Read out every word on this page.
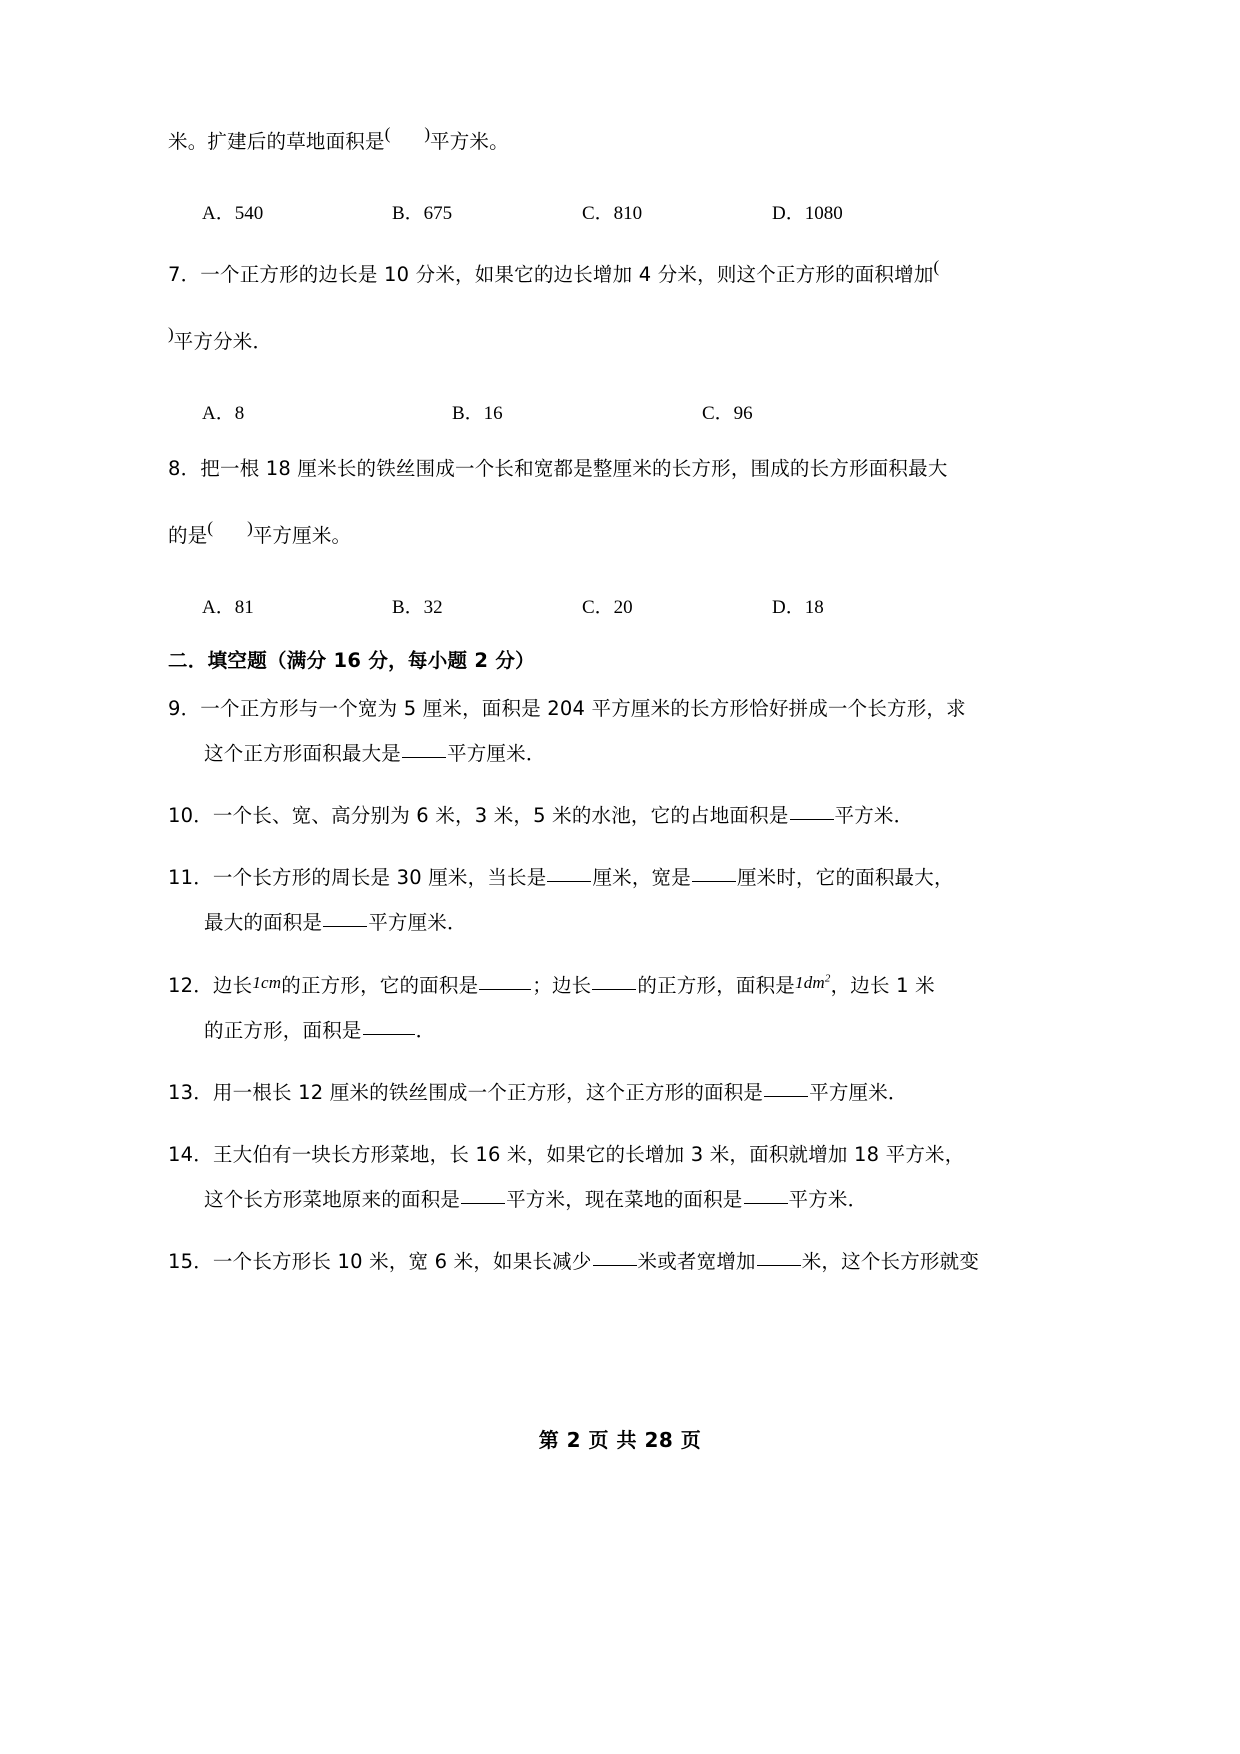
米。扩建后的草地面积是(        )平方米。
A．540	B．675	C．810	D．1080
7．一个正方形的边长是 10 分米，如果它的边长增加 4 分米，则这个正方形的面积增加(
)平方分米．
A．8	B．16	C．96
8．把一根 18 厘米长的铁丝围成一个长和宽都是整厘米的长方形，围成的长方形面积最大
的是(        )平方厘米。
A．81	B．32	C．20	D．18
二．填空题（满分 16 分，每小题 2 分）
9．一个正方形与一个宽为 5 厘米，面积是 204 平方厘米的长方形恰好拼成一个长方形，求
这个正方形面积最大是 平方厘米．
10．一个长、宽、高分别为 6 米，3 米，5 米的水池，它的占地面积是 平方米．
11．一个长方形的周长是 30 厘米，当长是 厘米，宽是 厘米时，它的面积最大，
最大的面积是 平方厘米．
12．边长1cm的正方形，它的面积是	；边长 的正方形，面积是$1dm^2$，边长 1 米
的正方形，面积是	．
13．用一根长 12 厘米的铁丝围成一个正方形，这个正方形的面积是 平方厘米．
14．王大伯有一块长方形菜地，长 16 米，如果它的长增加 3 米，面积就增加 18 平方米，
这个长方形菜地原来的面积是 平方米，现在菜地的面积是 平方米．
15．一个长方形长 10 米，宽 6 米，如果长减少 米或者宽增加 米，这个长方形就变
第 2 页 共 28 页
